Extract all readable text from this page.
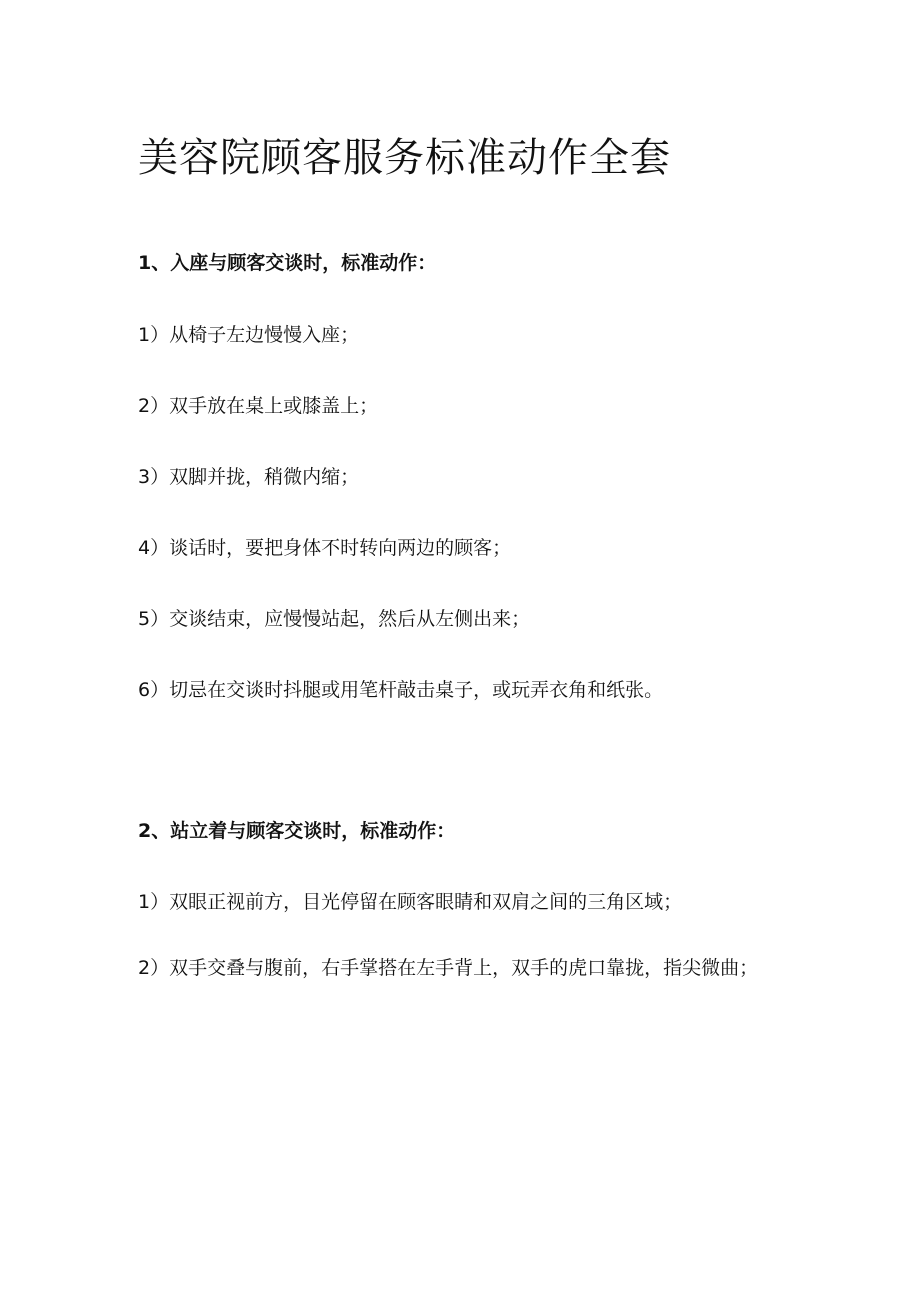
美容院顾客服务标准动作全套

1、入座与顾客交谈时，标准动作：

1）从椅子左边慢慢入座；

2）双手放在桌上或膝盖上；

3）双脚并拢，稍微内缩；

4）谈话时，要把身体不时转向两边的顾客；

5）交谈结束，应慢慢站起，然后从左侧出来；

6）切忌在交谈时抖腿或用笔杆敲击桌子，或玩弄衣角和纸张。

2、站立着与顾客交谈时，标准动作：

1）双眼正视前方，目光停留在顾客眼睛和双肩之间的三角区域；

2）双手交叠与腹前，右手掌搭在左手背上，双手的虎口靠拢，指尖微曲；
